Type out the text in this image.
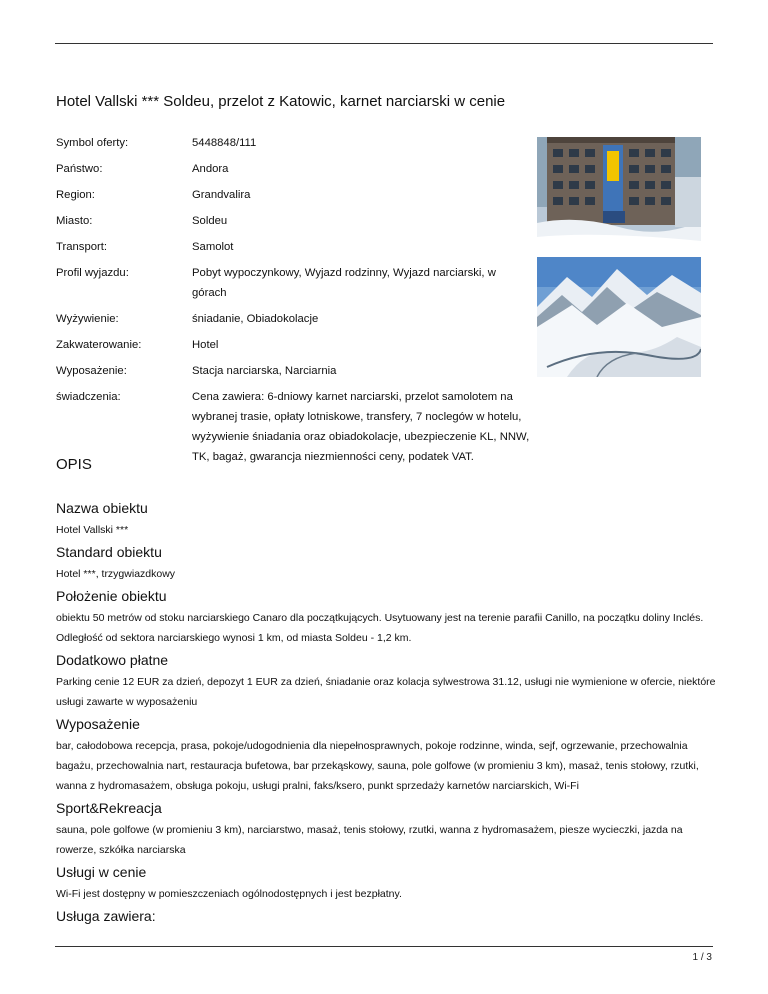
Hotel Vallski *** Soldeu, przelot z Katowic, karnet narciarski w cenie
Symbol oferty:	5448848/111
Państwo:	Andora
Region:	Grandvalira
Miasto:	Soldeu
Transport:	Samolot
Profil wyjazdu:	Pobyt wypoczynkowy, Wyjazd rodzinny, Wyjazd narciarski, w górach
Wyżywienie:	śniadanie, Obiadokolacje
Zakwaterowanie:	Hotel
Wyposażenie:	Stacja narciarska, Narciarnia
świadczenia:	Cena zawiera: 6-dniowy karnet narciarski, przelot samolotem na wybranej trasie, opłaty lotniskowe, transfery, 7 noclegów w hotelu, wyżywienie śniadania oraz obiadokolacje, ubezpieczenie KL, NNW, TK, bagaż, gwarancja niezmienności ceny, podatek VAT.
OPIS
Nazwa obiektu

Hotel Vallski ***

Standard obiektu

Hotel ***, trzygwiazdkowy

Położenie obiektu

obiektu 50 metrów od stoku narciarskiego Canaro dla początkujących. Usytuowany jest na terenie parafii Canillo, na początku doliny Inclés. Odległość od sektora narciarskiego wynosi 1 km, od miasta Soldeu - 1,2 km.

Dodatkowo płatne

Parking cenie 12 EUR za dzień, depozyt 1 EUR za dzień, śniadanie oraz kolacja sylwestrowa 31.12, usługi nie wymienione w ofercie, niektóre usługi zawarte w wyposażeniu

Wyposażenie

bar, całodobowa recepcja, prasa, pokoje/udogodnienia dla niepełnosprawnych, pokoje rodzinne, winda, sejf, ogrzewanie, przechowalnia bagażu, przechowalnia nart, restauracja bufetowa, bar przekąskowy, sauna, pole golfowe (w promieniu 3 km), masaż, tenis stołowy, rzutki, wanna z hydromasażem, obsługa pokoju, usługi pralni, faks/ksero, punkt sprzedaży karnetów narciarskich, Wi-Fi

Sport&Rekreacja

sauna, pole golfowe (w promieniu 3 km), narciarstwo, masaż, tenis stołowy, rzutki, wanna z hydromasażem, piesze wycieczki, jazda na rowerze, szkółka narciarska

Usługi w cenie

Wi-Fi jest dostępny w pomieszczeniach ogólnodostępnych i jest bezpłatny.

Usługa zawiera:

1 / 3
